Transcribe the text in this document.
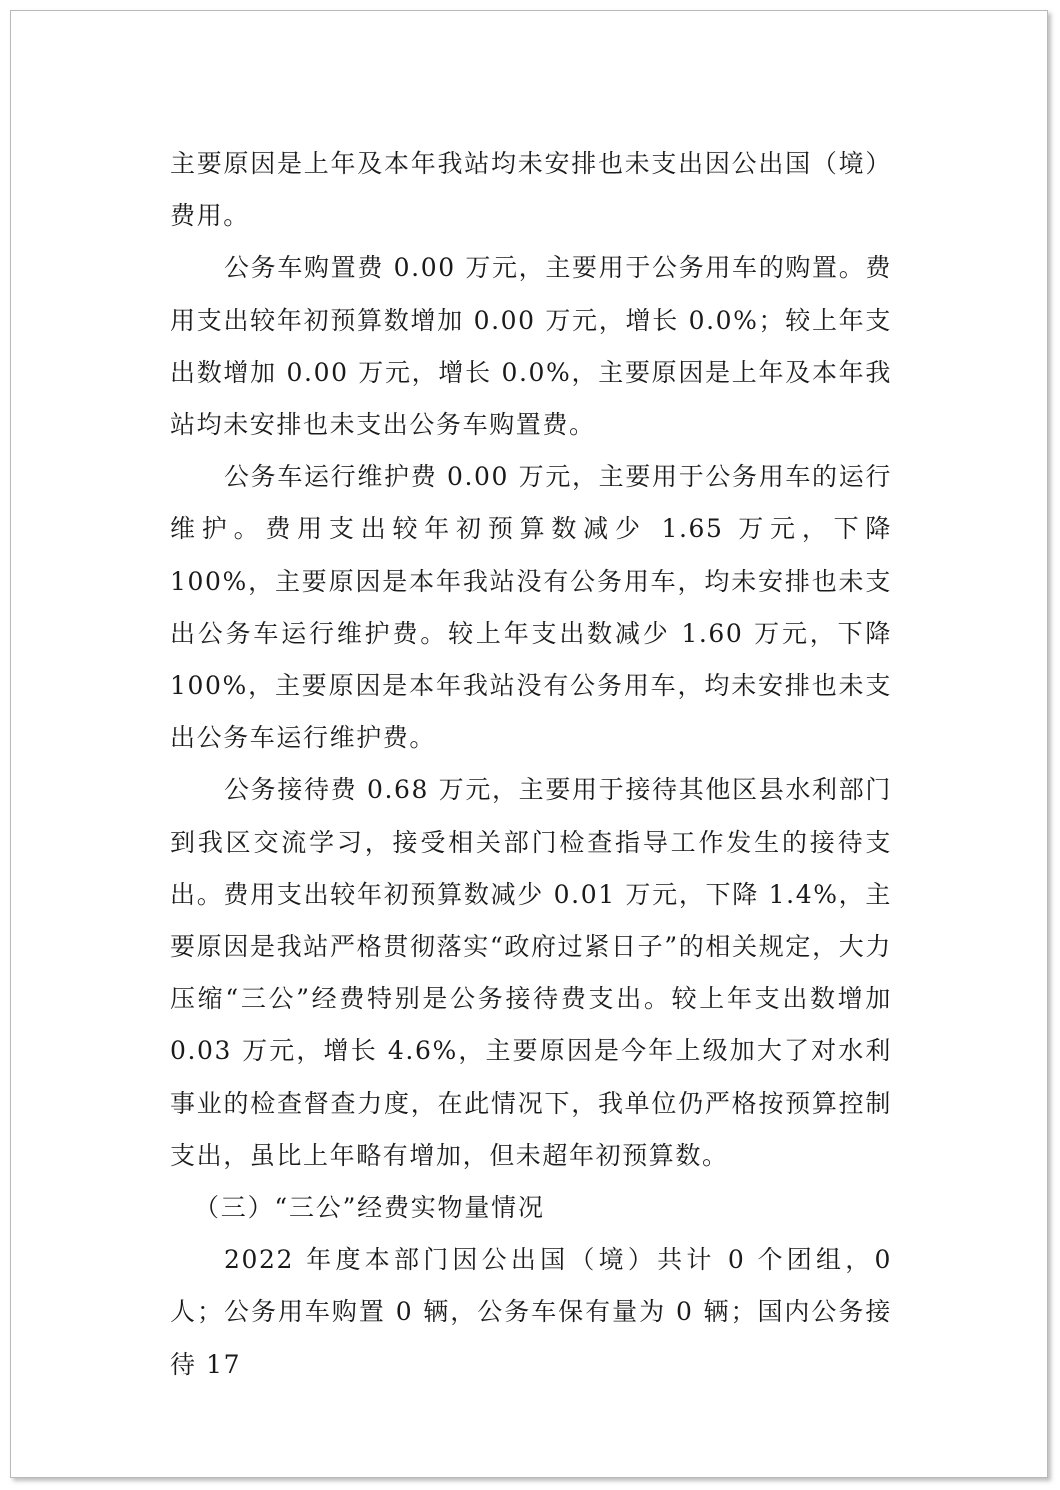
主要原因是上年及本年我站均未安排也未支出因公出国（境）费用。

公务车购置费 0.00 万元，主要用于公务用车的购置。费用支出较年初预算数增加 0.00 万元，增长 0.0%；较上年支出数增加 0.00 万元，增长 0.0%，主要原因是上年及本年我站均未安排也未支出公务车购置费。

公务车运行维护费 0.00 万元，主要用于公务用车的运行维护。费用支出较年初预算数减少 1.65 万元，下降 100%，主要原因是本年我站没有公务用车，均未安排也未支出公务车运行维护费。较上年支出数减少 1.60 万元，下降 100%，主要原因是本年我站没有公务用车，均未安排也未支出公务车运行维护费。

公务接待费 0.68 万元，主要用于接待其他区县水利部门到我区交流学习，接受相关部门检查指导工作发生的接待支出。费用支出较年初预算数减少 0.01 万元，下降 1.4%，主要原因是我站严格贯彻落实“政府过紧日子”的相关规定，大力压缩“三公”经费特别是公务接待费支出。较上年支出数增加 0.03 万元，增长 4.6%，主要原因是今年上级加大了对水利事业的检查督查力度，在此情况下，我单位仍严格按预算控制支出，虽比上年略有增加，但未超年初预算数。

（三）“三公”经费实物量情况

2022 年度本部门因公出国（境）共计 0 个团组，0 人；公务用车购置 0 辆，公务车保有量为 0 辆；国内公务接待 17
